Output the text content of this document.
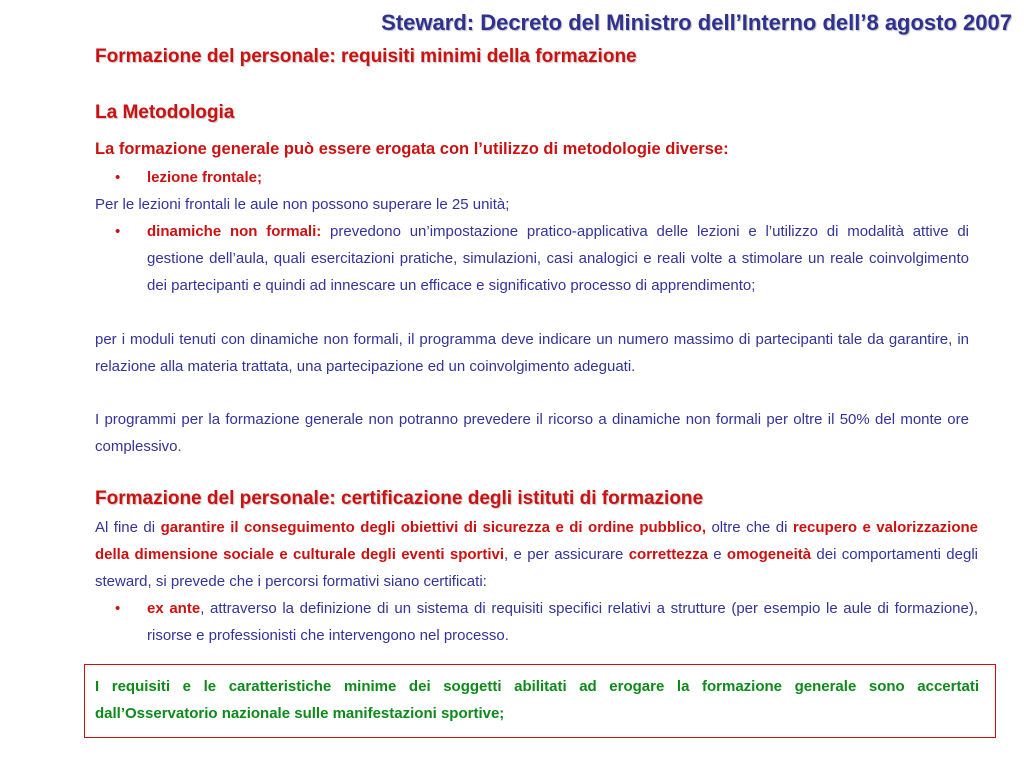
Steward: Decreto del Ministro dell’Interno dell’8 agosto 2007
Formazione del personale: requisiti minimi della formazione
La Metodologia
La formazione generale può essere erogata con l’utilizzo di metodologie diverse:
• lezione frontale;
Per le lezioni frontali le aule non possono superare le 25 unità;
• dinamiche non formali: prevedono un’impostazione pratico-applicativa delle lezioni e l’utilizzo di modalità attive di gestione dell’aula, quali esercitazioni pratiche, simulazioni, casi analogici e reali volte a stimolare un reale coinvolgimento dei partecipanti e quindi ad innescare un efficace e significativo processo di apprendimento;
per i moduli tenuti con dinamiche non formali, il programma deve indicare un numero massimo di partecipanti tale da garantire, in relazione alla materia trattata, una partecipazione ed un coinvolgimento adeguati.
I programmi per la formazione generale non potranno prevedere il ricorso a dinamiche non formali per oltre il 50% del monte ore complessivo.
Formazione del personale: certificazione degli istituti di formazione
Al fine di garantire il conseguimento degli obiettivi di sicurezza e di ordine pubblico, oltre che di recupero e valorizzazione della dimensione sociale e culturale degli eventi sportivi, e per assicurare correttezza e omogeneità dei comportamenti degli steward, si prevede che i percorsi formativi siano certificati:
• ex ante, attraverso la definizione di un sistema di requisiti specifici relativi a strutture (per esempio le aule di formazione), risorse e professionisti che intervengono nel processo.
I requisiti e le caratteristiche minime dei soggetti abilitati ad erogare la formazione generale sono accertati dall’Osservatorio nazionale sulle manifestazioni sportive;
